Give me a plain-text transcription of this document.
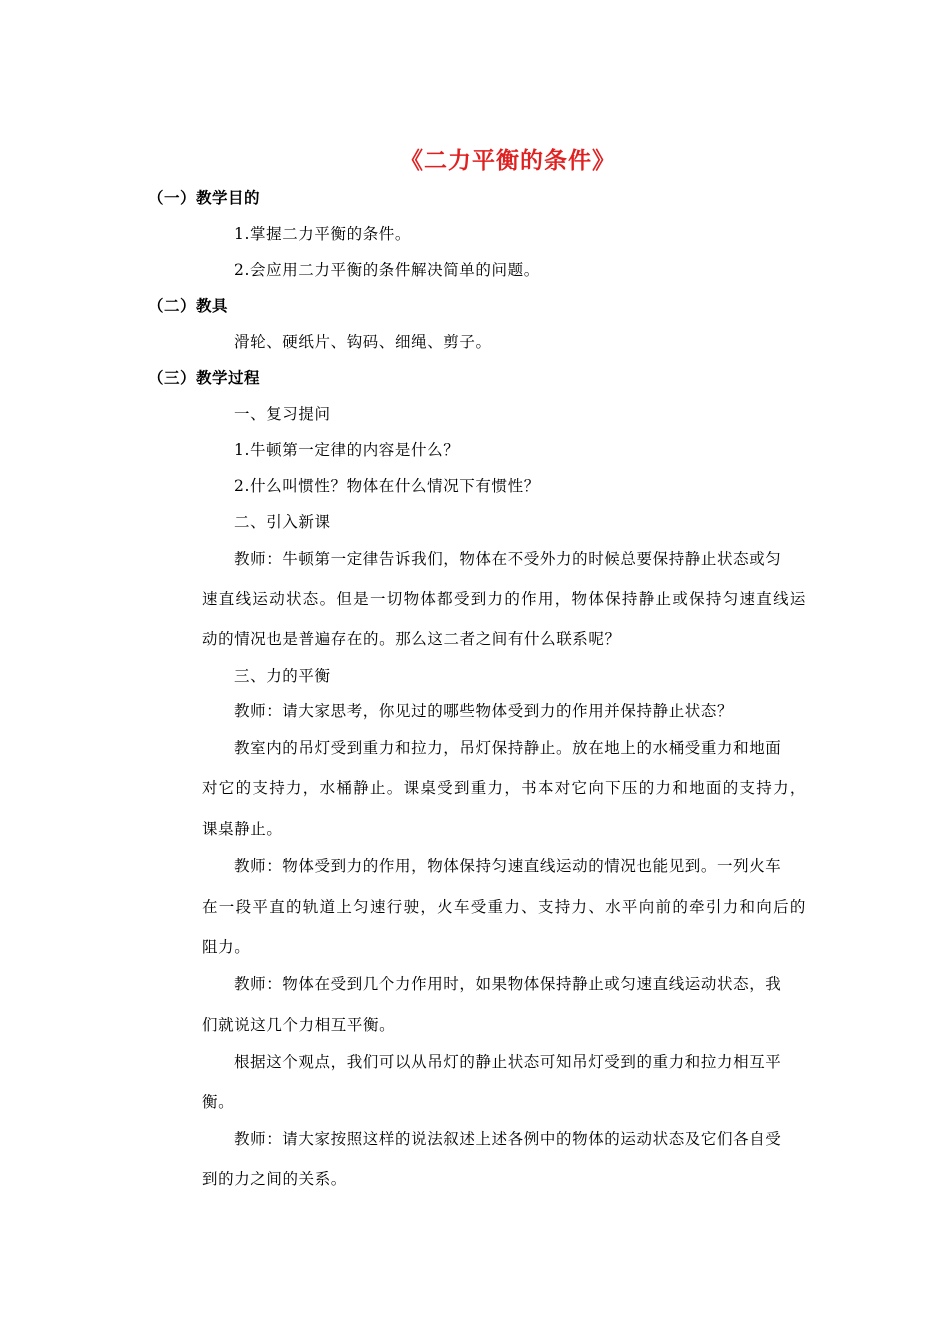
《二力平衡的条件》
（一）教学目的
1.掌握二力平衡的条件。
2.会应用二力平衡的条件解决简单的问题。
（二）教具
滑轮、硬纸片、钩码、细绳、剪子。
（三）教学过程
一、复习提问
1.牛顿第一定律的内容是什么？
2.什么叫惯性？物体在什么情况下有惯性？
二、引入新课
教师：牛顿第一定律告诉我们，物体在不受外力的时候总要保持静止状态或匀
速直线运动状态。但是一切物体都受到力的作用，物体保持静止或保持匀速直线运
动的情况也是普遍存在的。那么这二者之间有什么联系呢？
三、力的平衡
教师：请大家思考，你见过的哪些物体受到力的作用并保持静止状态？
教室内的吊灯受到重力和拉力，吊灯保持静止。放在地上的水桶受重力和地面
对它的支持力，水桶静止。课桌受到重力，书本对它向下压的力和地面的支持力，
课桌静止。
教师：物体受到力的作用，物体保持匀速直线运动的情况也能见到。一列火车
在一段平直的轨道上匀速行驶，火车受重力、支持力、水平向前的牵引力和向后的
阻力。
教师：物体在受到几个力作用时，如果物体保持静止或匀速直线运动状态，我
们就说这几个力相互平衡。
根据这个观点，我们可以从吊灯的静止状态可知吊灯受到的重力和拉力相互平
衡。
教师：请大家按照这样的说法叙述上述各例中的物体的运动状态及它们各自受
到的力之间的关系。
